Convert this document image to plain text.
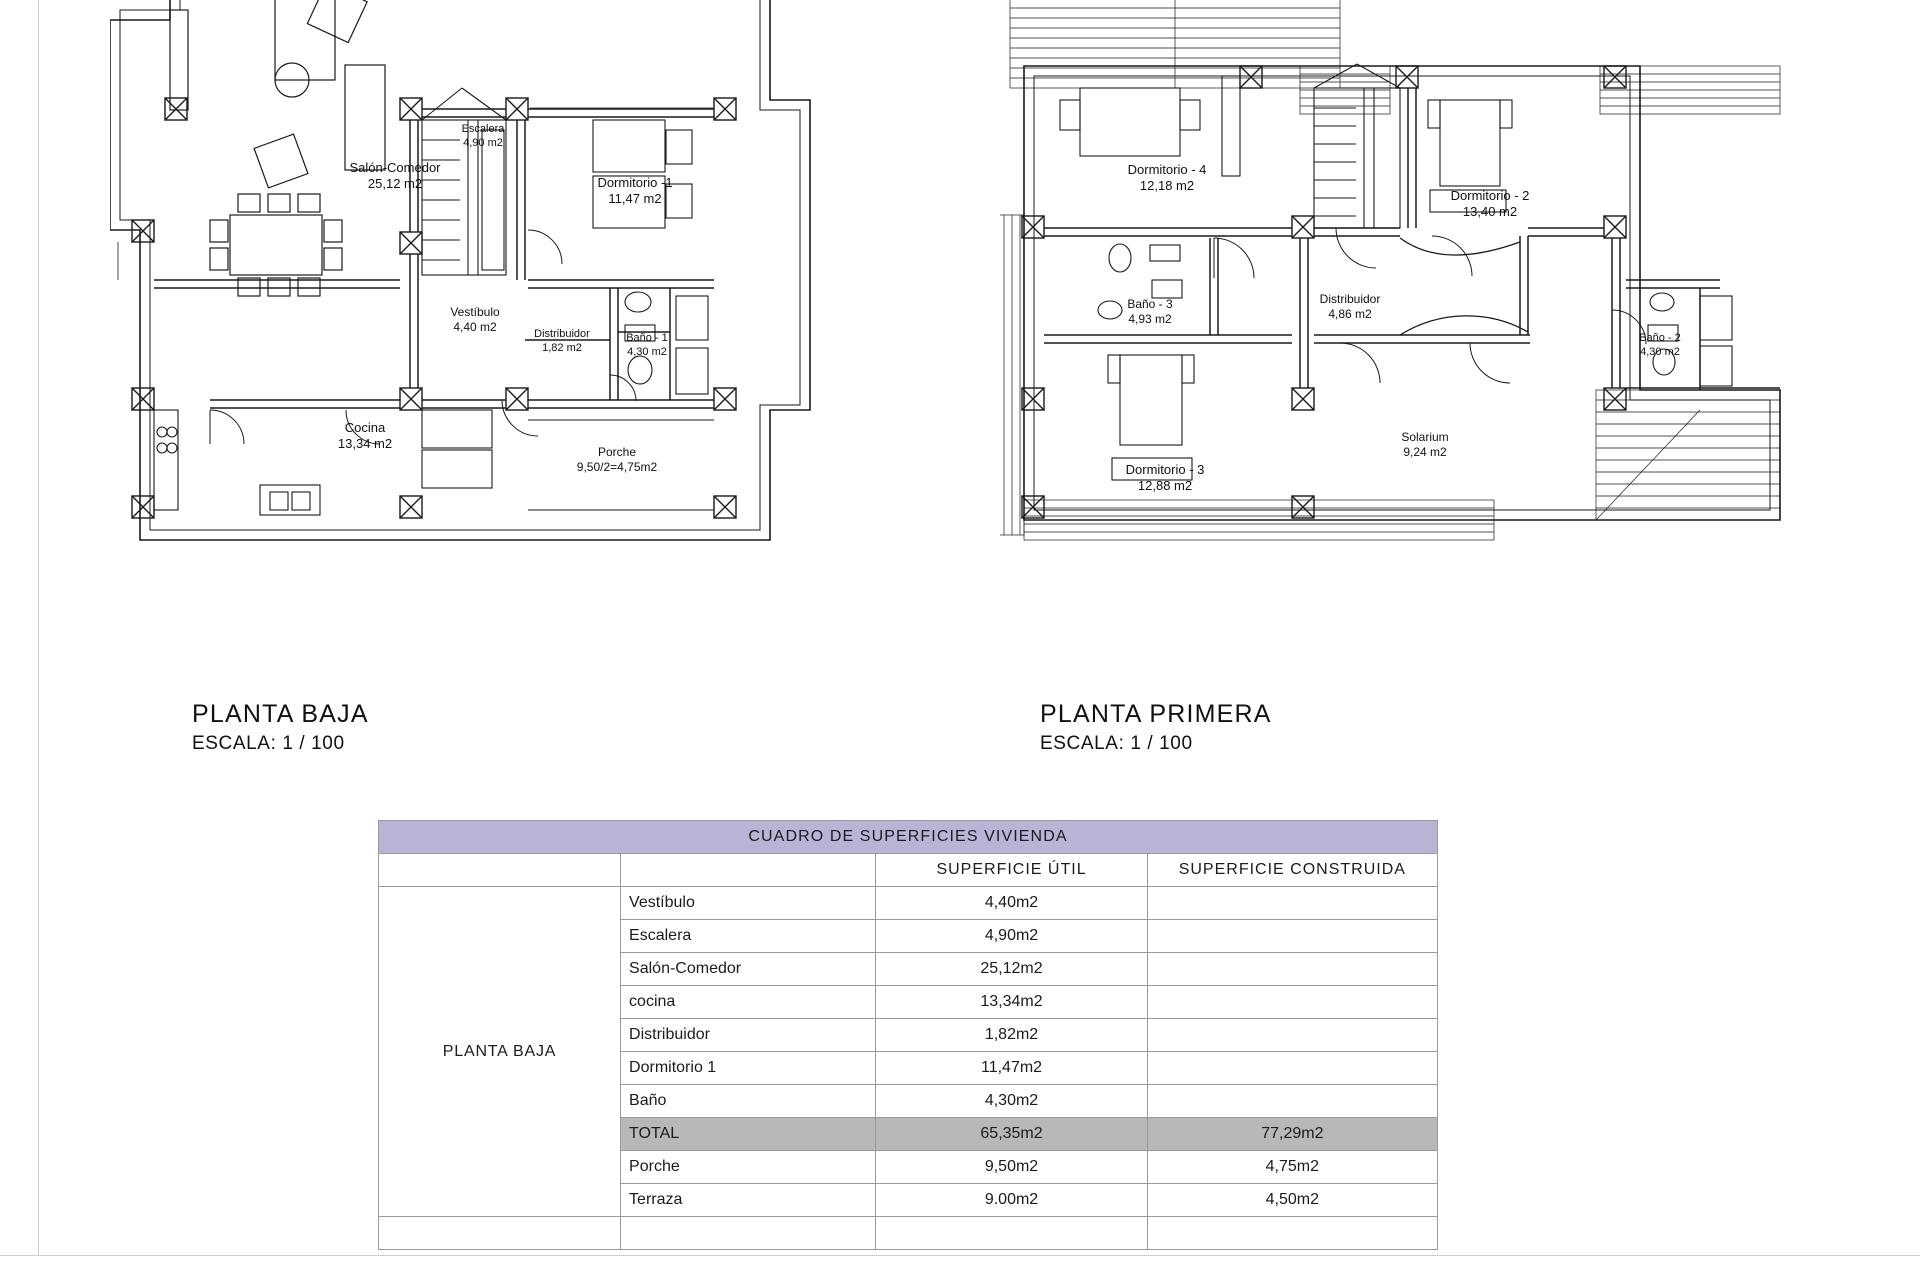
Salón-Comedor
25,12 m2
Escalera
4,90 m2
Dormitorio -1
11,47 m2
Vestíbulo
4,40 m2	Distribuidor
1,82 m2
Baño - 1
4,30 m2
Cocina
13,34 m2
Porche
9,50/2=4,75m2
PLANTA BAJA
ESCALA: 1 / 100
Dormitorio - 4
12,18 m2
Dormitorio - 2
13,40 m2
Baño - 3
4,93 m2
Distribuidor
4,86 m2
Baño - 2
4,30 m2
Dormitorio - 3
12,88 m2
Solarium
9,24 m2
PLANTA PRIMERA
ESCALA: 1 / 100
CUADRO DE SUPERFICIES VIVIENDA			
		SUPERFICIE ÚTIL	SUPERFICIE CONSTRUIDA
PLANTA BAJA	Vestíbulo	4,40m2	
	Escalera	4,90m2	
	Salón-Comedor	25,12m2	
	cocina	13,34m2	
	Distribuidor	1,82m2	
	Dormitorio 1	11,47m2	
	Baño	4,30m2	
	TOTAL	65,35m2	77,29m2
	Porche	9,50m2	4,75m2
	Terraza	9.00m2	4,50m2
